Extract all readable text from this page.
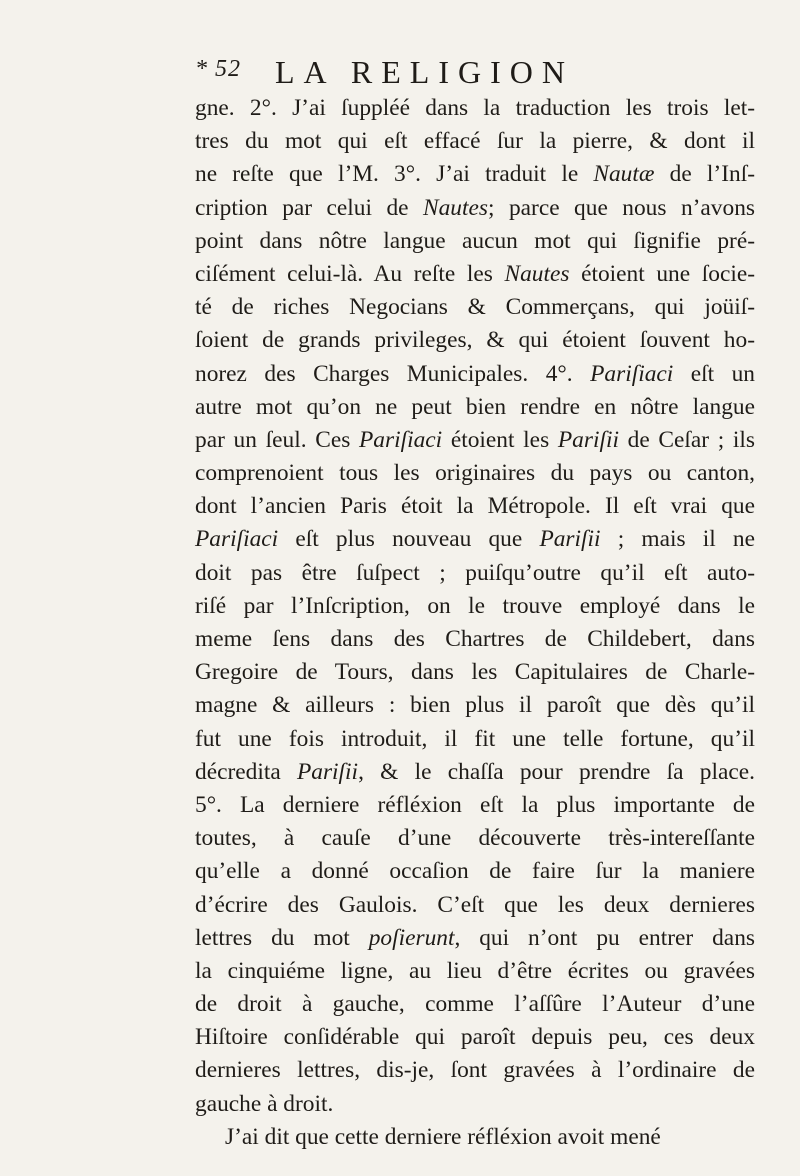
* 52 LA RELIGION
gne. 2°. J’ai ſuppléé dans la traduction les trois let-
tres du mot qui eſt effacé ſur la pierre, & dont il
ne reſte que l’M. 3°. J’ai traduit le Nautæ de l’Inſ-
cription par celui de Nautes; parce que nous n’avons
point dans nôtre langue aucun mot qui ſignifie pré-
ciſément celui-là. Au reſte les Nautes étoient une ſocie-
té de riches Negocians & Commerçans, qui joüiſ-
ſoient de grands privileges, & qui étoient ſouvent ho-
norez des Charges Municipales. 4°. Pariſiaci eſt un
autre mot qu’on ne peut bien rendre en nôtre langue
par un ſeul. Ces Pariſiaci étoient les Pariſii de Ceſar ; ils
comprenoient tous les originaires du pays ou canton,
dont l’ancien Paris étoit la Métropole. Il eſt vrai que
Pariſiaci eſt plus nouveau que Pariſii ; mais il ne
doit pas être ſuſpect ; puiſqu’outre qu’il eſt auto-
riſé par l’Inſcription, on le trouve employé dans le
meme ſens dans des Chartres de Childebert, dans
Gregoire de Tours, dans les Capitulaires de Charle-
magne & ailleurs : bien plus il paroît que dès qu’il
fut une fois introduit, il fit une telle fortune, qu’il
décredita Pariſii, & le chaſſa pour prendre ſa place.
5°. La derniere réfléxion eſt la plus importante de
toutes, à cauſe d’une découverte très-intereſſante
qu’elle a donné occaſion de faire ſur la maniere
d’écrire des Gaulois. C’eſt que les deux dernieres
lettres du mot poſierunt, qui n’ont pu entrer dans
la cinquiéme ligne, au lieu d’être écrites ou gravées
de droit à gauche, comme l’aſſûre l’Auteur d’une
Hiſtoire conſidérable qui paroît depuis peu, ces deux
dernieres lettres, dis-je, ſont gravées à l’ordinaire de
gauche à droit.
J’ai dit que cette derniere réfléxion avoit mené
